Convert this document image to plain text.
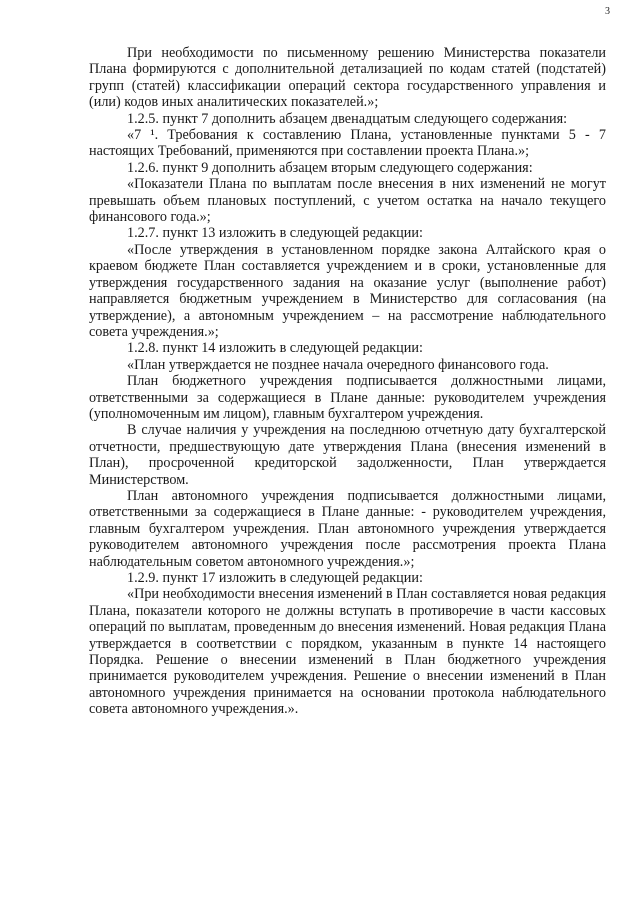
3

При необходимости по письменному решению Министерства показатели Плана формируются с дополнительной детализацией по кодам статей (подстатей) групп (статей) классификации операций сектора государственного управления и (или) кодов иных аналитических показателей.»;

1.2.5. пункт 7 дополнить абзацем двенадцатым следующего содержания:

«7 ¹. Требования к составлению Плана, установленные пунктами 5 - 7 настоящих Требований, применяются при составлении проекта Плана.»;

1.2.6. пункт 9 дополнить абзацем вторым следующего содержания:

«Показатели Плана по выплатам после внесения в них изменений не могут превышать объем плановых поступлений, с учетом остатка на начало текущего финансового года.»;

1.2.7. пункт 13 изложить в следующей редакции:

«После утверждения в установленном порядке закона Алтайского края о краевом бюджете План составляется учреждением и в сроки, установленные для утверждения государственного задания на оказание услуг (выполнение работ) направляется бюджетным учреждением в Министерство для согласования (на утверждение), а автономным учреждением – на рассмотрение наблюдательного совета учреждения.»;

1.2.8. пункт 14 изложить в следующей редакции:

«План утверждается не позднее начала очередного финансового года.

План бюджетного учреждения подписывается должностными лицами, ответственными за содержащиеся в Плане данные: руководителем учреждения (уполномоченным им лицом), главным бухгалтером учреждения.

В случае наличия у учреждения на последнюю отчетную дату бухгалтерской отчетности, предшествующую дате утверждения Плана (внесения изменений в План), просроченной кредиторской задолженности, План утверждается Министерством.

План автономного учреждения подписывается должностными лицами, ответственными за содержащиеся в Плане данные: - руководителем учреждения, главным бухгалтером учреждения. План автономного учреждения утверждается руководителем автономного учреждения после рассмотрения проекта Плана наблюдательным советом автономного учреждения.»;

1.2.9. пункт 17 изложить в следующей редакции:

«При необходимости внесения изменений в План составляется новая редакция Плана, показатели которого не должны вступать в противоречие в части кассовых операций по выплатам, проведенным до внесения изменений. Новая редакция Плана утверждается в соответствии с порядком, указанным в пункте 14 настоящего Порядка. Решение о внесении изменений в План бюджетного учреждения принимается руководителем учреждения. Решение о внесении изменений в План автономного учреждения принимается на основании протокола наблюдательного совета автономного учреждения.».
